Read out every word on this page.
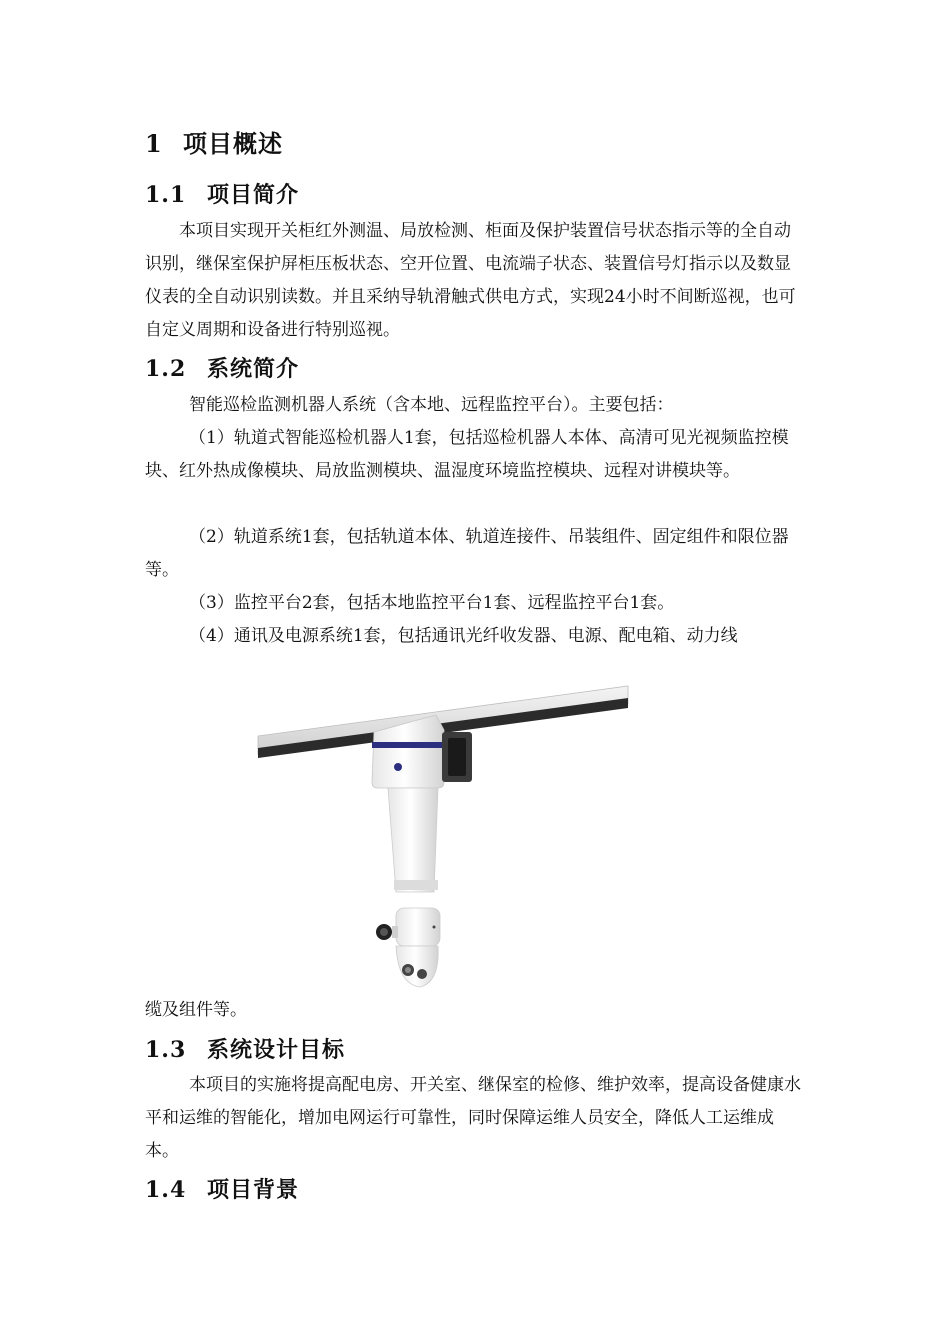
1 项目概述
1.1 项目简介

本项目实现开关柜红外测温、局放检测、柜面及保护装置信号状态指示等的全自动识别，继保室保护屏柜压板状态、空开位置、电流端子状态、装置信号灯指示以及数显仪表的全自动识别读数。并且采纳导轨滑触式供电方式，实现24小时不间断巡视，也可自定义周期和设备进行特别巡视。

1.2 系统简介

智能巡检监测机器人系统（含本地、远程监控平台）。主要包括：

（1）轨道式智能巡检机器人1套，包括巡检机器人本体、高清可见光视频监控模块、红外热成像模块、局放监测模块、温湿度环境监控模块、远程对讲模块等。

（2）轨道系统1套，包括轨道本体、轨道连接件、吊装组件、固定组件和限位器等。

（3）监控平台2套，包括本地监控平台1套、远程监控平台1套。

（4）通讯及电源系统1套，包括通讯光纤收发器、电源、配电箱、动力线

缆及组件等。

1.3 系统设计目标

本项目的实施将提高配电房、开关室、继保室的检修、维护效率，提高设备健康水平和运维的智能化，增加电网运行可靠性，同时保障运维人员安全，降低人工运维成本。

1.4 项目背景
